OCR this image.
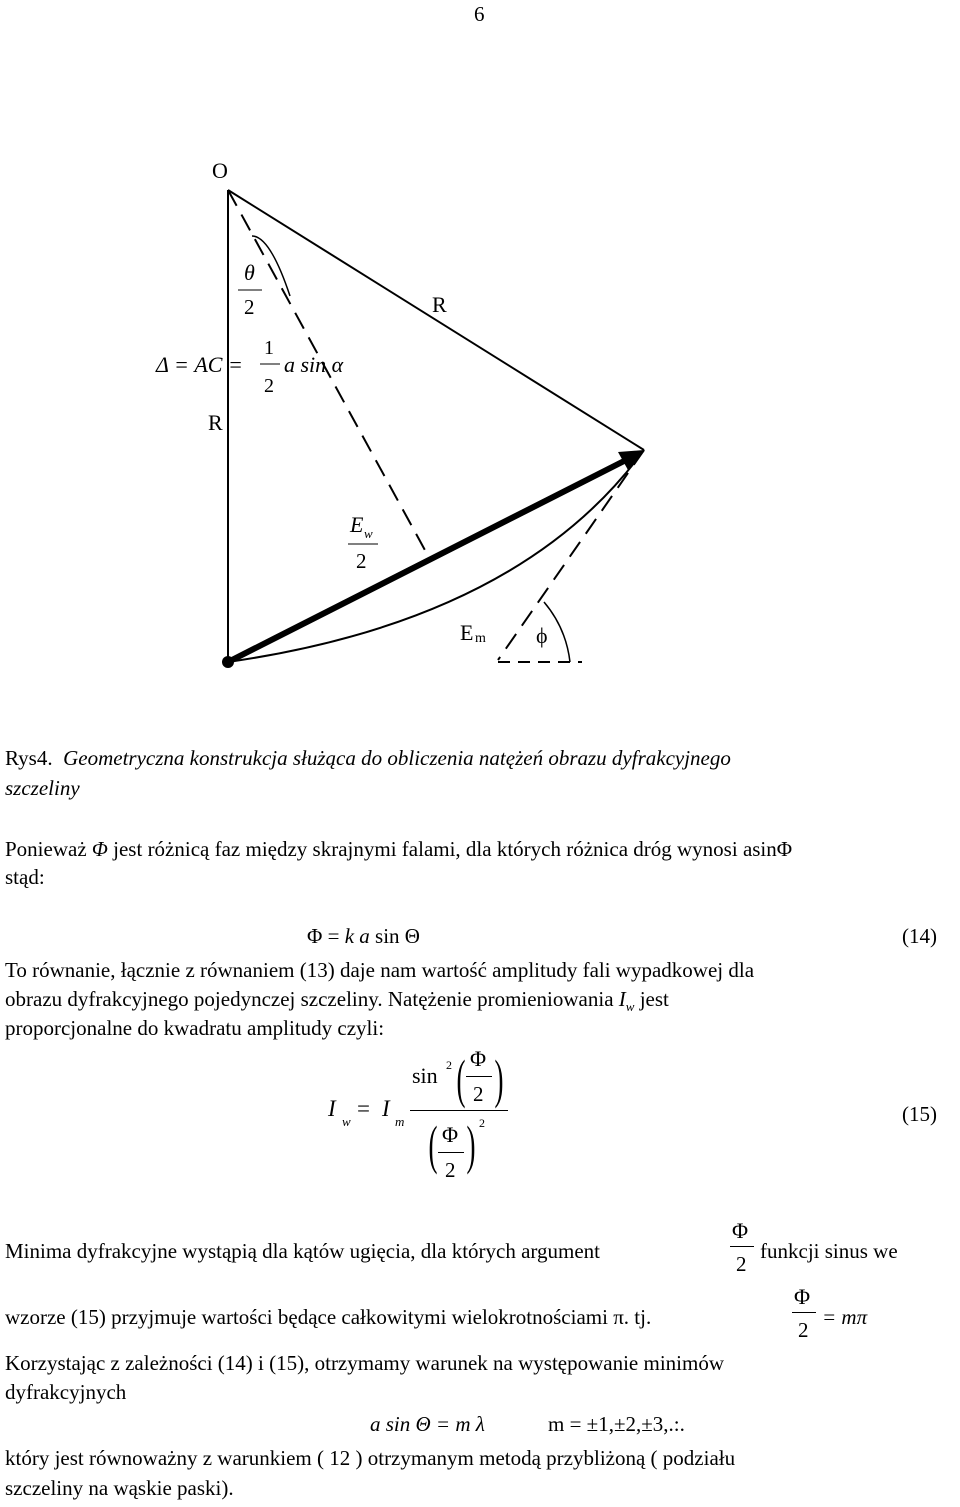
6
O
θ
2	R
Δ = AC =
1
2
a sin α
R
E w
2
E m ϕ
Rys4. Geometryczna konstrukcja służąca do obliczenia natężeń obrazu dyfrakcyjnego
szczeliny
Ponieważ Φ jest różnicą faz między skrajnymi falami, dla których różnica dróg wynosi asinΦ
stąd:
Φ = k a sin Θ	(14)
To równanie, łącznie z równaniem (13) daje nam wartość amplitudy fali wypadkowej dla
obrazu dyfrakcyjnego pojedynczej szczeliny. Natężenie promieniowania $I_w$ jest
proporcjonalne do kwadratu amplitudy czyli:
I
w
= I
m
sin 2 ( Φ
2 )
( Φ
2 ) 2	(15)
Minima dyfrakcyjne wystąpią dla kątów ugięcia, dla których argument
Φ
2
funkcji sinus we
wzorze (15) przyjmuje wartości będące całkowitymi wielokrotnościami π. tj.
Φ
2
= mπ
Korzystając z zależności (14) i (15), otrzymamy warunek na występowanie minimów
dyfrakcyjnych
a sin Θ = m λ	m = ±1,±2,±3,.:.
który jest równoważny z warunkiem ( 12 ) otrzymanym metodą przybliżoną ( podziału
szczeliny na wąskie paski).
